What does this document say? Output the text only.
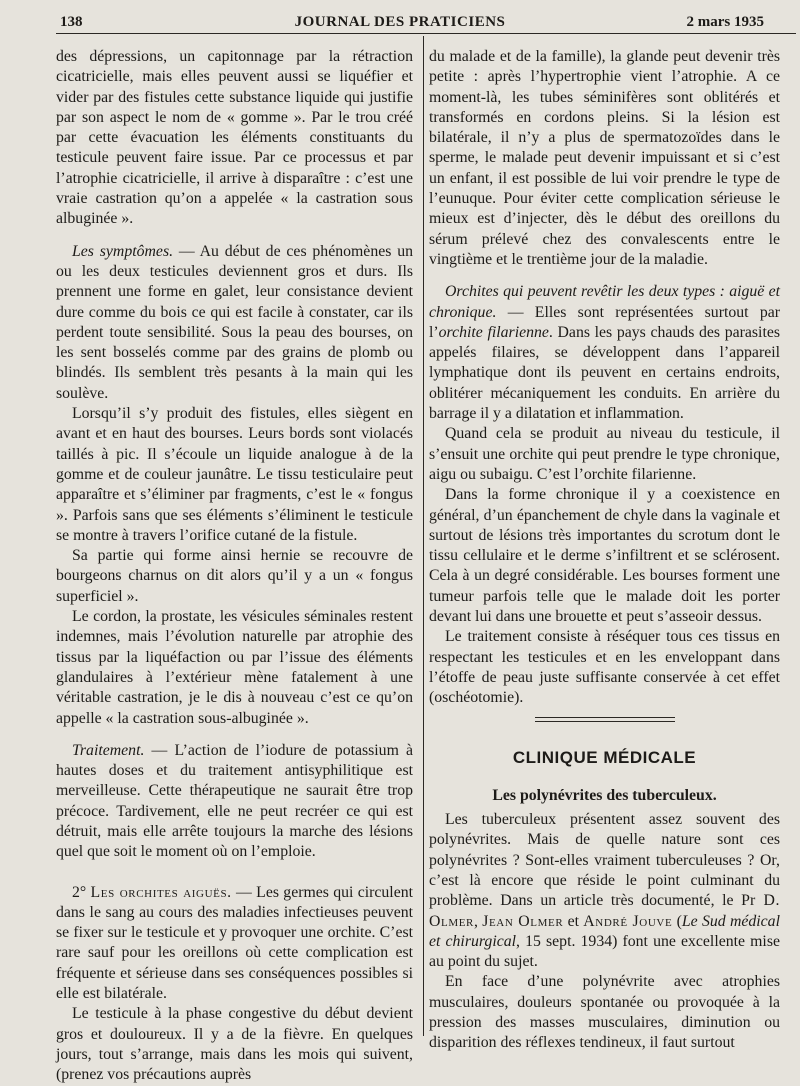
138	JOURNAL DES PRATICIENS	2 mars 1935

des dépressions, un capitonnage par la rétraction cicatricielle, mais elles peuvent aussi se liquéfier et vider par des fistules cette substance liquide qui justifie par son aspect le nom de « gomme ». Par le trou créé par cette évacuation les éléments constituants du testicule peuvent faire issue. Par ce processus et par l’atrophie cicatricielle, il arrive à disparaître : c’est une vraie castration qu’on a appelée « la castration sous albuginée ».

Les symptômes. — Au début de ces phénomènes un ou les deux testicules deviennent gros et durs. Ils prennent une forme en galet, leur consistance devient dure comme du bois ce qui est facile à constater, car ils perdent toute sensibilité. Sous la peau des bourses, on les sent bosselés comme par des grains de plomb ou blindés. Ils semblent très pesants à la main qui les soulève.

Lorsqu’il s’y produit des fistules, elles siègent en avant et en haut des bourses. Leurs bords sont violacés taillés à pic. Il s’écoule un liquide analogue à de la gomme et de couleur jaunâtre. Le tissu testiculaire peut apparaître et s’éliminer par fragments, c’est le « fongus ». Parfois sans que ses éléments s’éliminent le testicule se montre à travers l’orifice cutané de la fistule.

Sa partie qui forme ainsi hernie se recouvre de bourgeons charnus on dit alors qu’il y a un « fongus superficiel ».

Le cordon, la prostate, les vésicules séminales restent indemnes, mais l’évolution naturelle par atrophie des tissus par la liquéfaction ou par l’issue des éléments glandulaires à l’extérieur mène fatalement à une véritable castration, je le dis à nouveau c’est ce qu’on appelle « la castration sous-albuginée ».

Traitement. — L’action de l’iodure de potassium à hautes doses et du traitement antisyphilitique est merveilleuse. Cette thérapeutique ne saurait être trop précoce. Tardivement, elle ne peut recréer ce qui est détruit, mais elle arrête toujours la marche des lésions quel que soit le moment où on l’emploie.

2° Les orchites aiguës. — Les germes qui circulent dans le sang au cours des maladies infectieuses peuvent se fixer sur le testicule et y provoquer une orchite. C’est rare sauf pour les oreillons où cette complication est fréquente et sérieuse dans ses conséquences possibles si elle est bilatérale.

Le testicule à la phase congestive du début devient gros et douloureux. Il y a de la fièvre. En quelques jours, tout s’arrange, mais dans les mois qui suivent, (prenez vos précautions auprès

du malade et de la famille), la glande peut devenir très petite : après l’hypertrophie vient l’atrophie. A ce moment-là, les tubes séminifères sont oblitérés et transformés en cordons pleins. Si la lésion est bilatérale, il n’y a plus de spermatozoïdes dans le sperme, le malade peut devenir impuissant et si c’est un enfant, il est possible de lui voir prendre le type de l’eunuque. Pour éviter cette complication sérieuse le mieux est d’injecter, dès le début des oreillons du sérum prélevé chez des convalescents entre le vingtième et le trentième jour de la maladie.

Orchites qui peuvent revêtir les deux types : aiguë et chronique. — Elles sont représentées surtout par l’orchite filarienne. Dans les pays chauds des parasites appelés filaires, se développent dans l’appareil lymphatique dont ils peuvent en certains endroits, oblitérer mécaniquement les conduits. En arrière du barrage il y a dilatation et inflammation.

Quand cela se produit au niveau du testicule, il s’ensuit une orchite qui peut prendre le type chronique, aigu ou subaigu. C’est l’orchite filarienne.

Dans la forme chronique il y a coexistence en général, d’un épanchement de chyle dans la vaginale et surtout de lésions très importantes du scrotum dont le tissu cellulaire et le derme s’infiltrent et se sclérosent. Cela à un degré considérable. Les bourses forment une tumeur parfois telle que le malade doit les porter devant lui dans une brouette et peut s’asseoir dessus.

Le traitement consiste à réséquer tous ces tissus en respectant les testicules et en les enveloppant dans l’étoffe de peau juste suffisante conservée à cet effet (oschéotomie).

CLINIQUE MÉDICALE
Les polynévrites des tuberculeux.

Les tuberculeux présentent assez souvent des polynévrites. Mais de quelle nature sont ces polynévrites ? Sont-elles vraiment tuberculeuses ? Or, c’est là encore que réside le point culminant du problème. Dans un article très documenté, le Pr D. Olmer, Jean Olmer et André Jouve (Le Sud médical et chirurgical, 15 sept. 1934) font une excellente mise au point du sujet.

En face d’une polynévrite avec atrophies musculaires, douleurs spontanée ou provoquée à la pression des masses musculaires, diminution ou disparition des réflexes tendineux, il faut surtout
